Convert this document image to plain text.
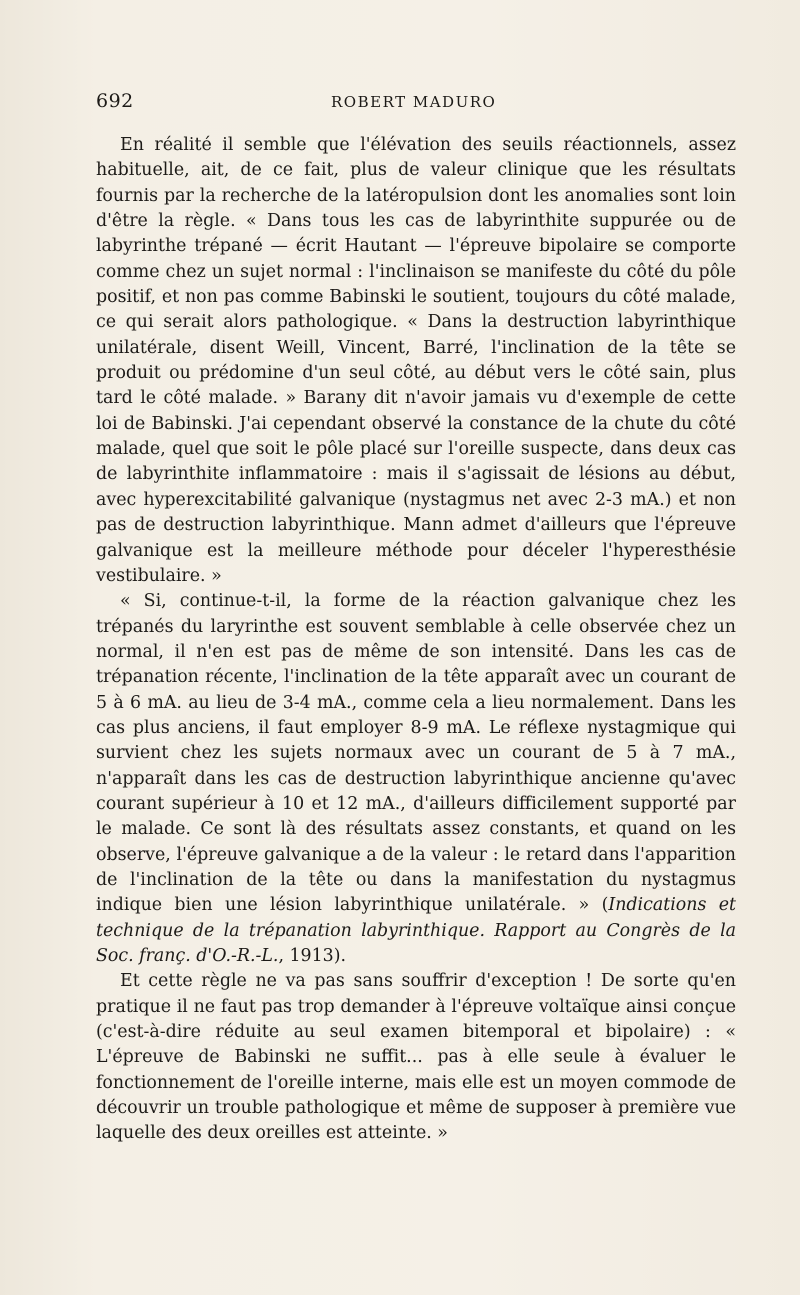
692	ROBERT MADURO

En réalité il semble que l'élévation des seuils réactionnels, assez habituelle, ait, de ce fait, plus de valeur clinique que les résultats fournis par la recherche de la latéropulsion dont les anomalies sont loin d'être la règle. « Dans tous les cas de labyrinthite suppurée ou de labyrinthe trépané — écrit Hautant — l'épreuve bipolaire se comporte comme chez un sujet normal : l'inclinaison se manifeste du côté du pôle positif, et non pas comme Babinski le soutient, toujours du côté malade, ce qui serait alors pathologique. « Dans la destruction labyrinthique unilatérale, disent Weill, Vincent, Barré, l'inclination de la tête se produit ou prédomine d'un seul côté, au début vers le côté sain, plus tard le côté malade. » Barany dit n'avoir jamais vu d'exemple de cette loi de Babinski. J'ai cependant observé la constance de la chute du côté malade, quel que soit le pôle placé sur l'oreille suspecte, dans deux cas de labyrinthite inflammatoire : mais il s'agissait de lésions au début, avec hyperexcitabilité galvanique (nystagmus net avec 2-3 mA.) et non pas de destruction labyrinthique. Mann admet d'ailleurs que l'épreuve galvanique est la meilleure méthode pour déceler l'hyperesthésie vestibulaire. »

« Si, continue-t-il, la forme de la réaction galvanique chez les trépanés du laryrinthe est souvent semblable à celle observée chez un normal, il n'en est pas de même de son intensité. Dans les cas de trépanation récente, l'inclination de la tête apparaît avec un courant de 5 à 6 mA. au lieu de 3-4 mA., comme cela a lieu normalement. Dans les cas plus anciens, il faut employer 8-9 mA. Le réflexe nystagmique qui survient chez les sujets normaux avec un courant de 5 à 7 mA., n'apparaît dans les cas de destruction labyrinthique ancienne qu'avec courant supérieur à 10 et 12 mA., d'ailleurs difficilement supporté par le malade. Ce sont là des résultats assez constants, et quand on les observe, l'épreuve galvanique a de la valeur : le retard dans l'apparition de l'inclination de la tête ou dans la manifestation du nystagmus indique bien une lésion labyrinthique unilatérale. » (Indications et technique de la trépanation labyrinthique. Rapport au Congrès de la Soc. franç. d'O.-R.-L., 1913).

Et cette règle ne va pas sans souffrir d'exception ! De sorte qu'en pratique il ne faut pas trop demander à l'épreuve voltaïque ainsi conçue (c'est-à-dire réduite au seul examen bitemporal et bipolaire) : « L'épreuve de Babinski ne suffit... pas à elle seule à évaluer le fonctionnement de l'oreille interne, mais elle est un moyen commode de découvrir un trouble pathologique et même de supposer à première vue laquelle des deux oreilles est atteinte. »
